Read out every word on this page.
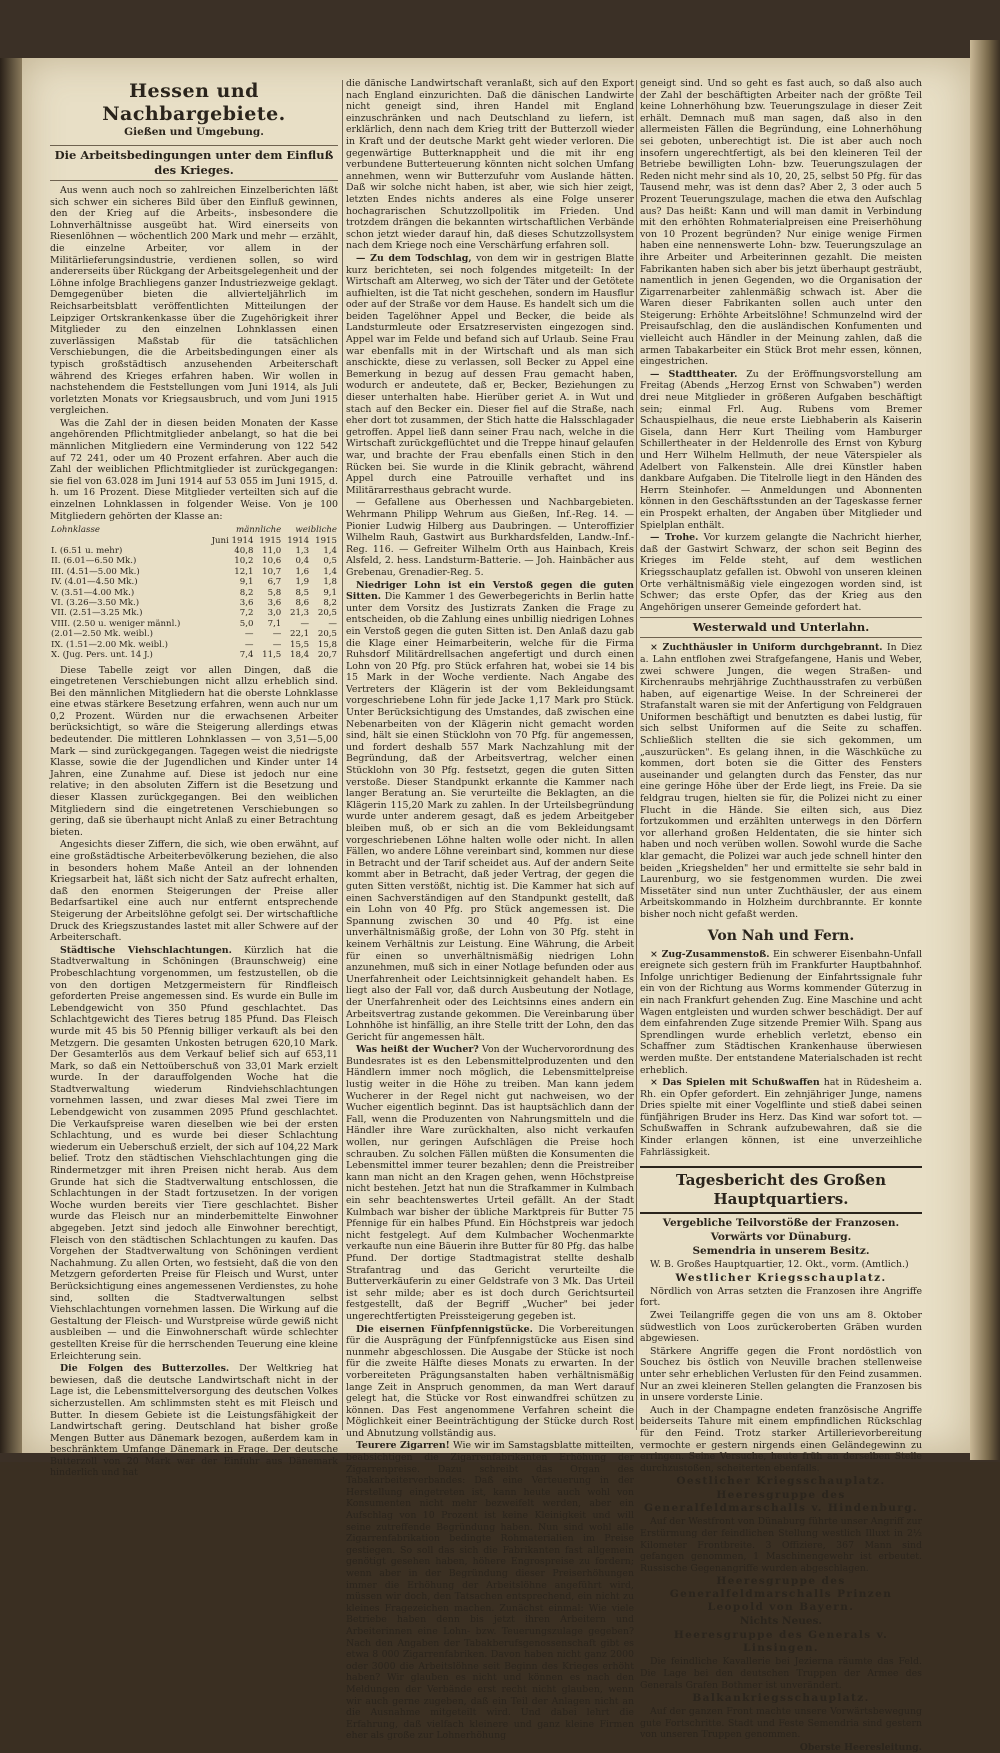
Hessen und Nachbargebiete.
Gießen und Umgebung.
Die Arbeitsbedingungen unter dem Einfluß des Krieges.

Aus wenn auch noch so zahlreichen Einzelberichten läßt sich schwer ein sicheres Bild über den Einfluß gewinnen, den der Krieg auf die Arbeits-, insbesondere die Lohnverhältnisse ausgeübt hat. Wird einerseits von Riesenlöhnen — wöchentlich 200 Mark und mehr — erzählt, die einzelne Arbeiter, vor allem in der Militärlieferungsindustrie, verdienen sollen, so wird andererseits über Rückgang der Arbeitsgelegenheit und der Löhne infolge Brachliegens ganzer Industriezweige geklagt. Demgegenüber bieten die allvierteljährlich im Reichsarbeitsblatt veröffentlichten Mitteilungen der Leipziger Ortskrankenkasse über die Zugehörigkeit ihrer Mitglieder zu den einzelnen Lohnklassen einen zuverlässigen Maßstab für die tatsächlichen Verschiebungen, die die Arbeitsbedingungen einer als typisch großstädtisch anzusehenden Arbeiterschaft während des Krieges erfahren haben. Wir wollen in nachstehendem die Feststellungen vom Juni 1914, als Juli vorletzten Monats vor Kriegsausbruch, und vom Juni 1915 vergleichen.

Was die Zahl der in diesen beiden Monaten der Kasse angehörenden Pflichtmitglieder anbelangt, so hat die bei männlichen Mitgliedern eine Verminderung von 122 542 auf 72 241, oder um 40 Prozent erfahren. Aber auch die Zahl der weiblichen Pflichtmitglieder ist zurückgegangen: sie fiel von 63.028 im Juni 1914 auf 53 055 im Juni 1915, d. h. um 16 Prozent. Diese Mitglieder verteilten sich auf die einzelnen Lohnklassen in folgender Weise. Von je 100 Mitgliedern gehörten der Klasse an:

Lohnklasse	männliche		weibliche	
	Juni 1914	1915	1914	1915
I. (6.51 u. mehr)	40,8	11,0	1,3	1,4
II. (6.01—6.50 Mk.)	10,2	10,6	0,4	0,5
III. (4.51—5.00 Mk.)	12,1	10,7	1,6	1,4
IV. (4.01—4.50 Mk.)	9,1	6,7	1,9	1,8
V. (3.51—4.00 Mk.)	8,2	5,8	8,5	9,1
VI. (3.26—3.50 Mk.)	3,6	3,6	8,6	8,2
VII. (2.51—3.25 Mk.)	7,2	3,0	21,3	20,5
VIII. (2.50 u. weniger männl.)	5,0	7,1	—	—
(2.01—2.50 Mk. weibl.)	—	—	22,1	20,5
IX. (1.51—2.00 Mk. weibl.)	—	—	15,5	15,8
X. (Jug. Pers. unt. 14 J.)	7,4	11,5	18,4	20,7

Diese Tabelle zeigt vor allen Dingen, daß die eingetretenen Verschiebungen nicht allzu erheblich sind. Bei den männlichen Mitgliedern hat die oberste Lohnklasse eine etwas stärkere Besetzung erfahren, wenn auch nur um 0,2 Prozent. Würden nur die erwachsenen Arbeiter berücksichtigt, so wäre die Steigerung allerdings etwas bedeutender. Die mittleren Lohnklassen — von 3,51—5,00 Mark — sind zurückgegangen. Tagegen weist die niedrigste Klasse, sowie die der Jugendlichen und Kinder unter 14 Jahren, eine Zunahme auf. Diese ist jedoch nur eine relative; in den absoluten Ziffern ist die Besetzung und dieser Klassen zurückgegangen. Bei den weiblichen Mitgliedern sind die eingetretenen Verschiebungen so gering, daß sie überhaupt nicht Anlaß zu einer Betrachtung bieten.

Angesichts dieser Ziffern, die sich, wie oben erwähnt, auf eine großstädtische Arbeiterbevölkerung beziehen, die also in besonders hohem Maße Anteil an der lohnenden Kriegsarbeit hat, läßt sich nicht der Satz aufrecht erhalten, daß den enormen Steigerungen der Preise aller Bedarfsartikel eine auch nur entfernt entsprechende Steigerung der Arbeitslöhne gefolgt sei. Der wirtschaftliche Druck des Kriegszustandes lastet mit aller Schwere auf der Arbeiterschaft.

Städtische Viehschlachtungen. Kürzlich hat die Stadtverwaltung in Schöningen (Braunschweig) eine Probeschlachtung vorgenommen, um festzustellen, ob die von den dortigen Metzgermeistern für Rindfleisch geforderten Preise angemessen sind. Es wurde ein Bulle im Lebendgewicht von 350 Pfund geschlachtet. Das Schlachtgewicht des Tieres betrug 185 Pfund. Das Fleisch wurde mit 45 bis 50 Pfennig billiger verkauft als bei den Metzgern. Die gesamten Unkosten betrugen 620,10 Mark. Der Gesamterlös aus dem Verkauf belief sich auf 653,11 Mark, so daß ein Nettoüberschuß von 33,01 Mark erzielt wurde. In der darauffolgenden Woche hat die Stadtverwaltung wiederum Rindviehschlachtungen vornehmen lassen, und zwar dieses Mal zwei Tiere im Lebendgewicht von zusammen 2095 Pfund geschlachtet. Die Verkaufspreise waren dieselben wie bei der ersten Schlachtung, und es wurde bei dieser Schlachtung wiederum ein Ueberschuß erzielt, der sich auf 104,22 Mark belief. Trotz den städtischen Viehschlachtungen ging die Rindermetzger mit ihren Preisen nicht herab. Aus dem Grunde hat sich die Stadtverwaltung entschlossen, die Schlachtungen in der Stadt fortzusetzen. In der vorigen Woche wurden bereits vier Tiere geschlachtet. Bisher wurde das Fleisch nur an minderbemittelte Einwohner abgegeben. Jetzt sind jedoch alle Einwohner berechtigt, Fleisch von den städtischen Schlachtungen zu kaufen. Das Vorgehen der Stadtverwaltung von Schöningen verdient Nachahmung. Zu allen Orten, wo festsieht, daß die von den Metzgern geforderten Preise für Fleisch und Wurst, unter Berücksichtigung eines angemessenen Verdienstes, zu hohe sind, sollten die Stadtverwaltungen selbst Viehschlachtungen vornehmen lassen. Die Wirkung auf die Gestaltung der Fleisch- und Wurstpreise würde gewiß nicht ausbleiben — und die Einwohnerschaft würde schlechter gestellten Kreise für die herrschenden Teuerung eine kleine Erleichterung sein.

Die Folgen des Butterzolles. Der Weltkrieg hat bewiesen, daß die deutsche Landwirtschaft nicht in der Lage ist, die Lebensmittelversorgung des deutschen Volkes sicherzustellen. Am schlimmsten steht es mit Fleisch und Butter. In diesem Gebiete ist die Leistungsfähigkeit der Landwirtschaft gering. Deutschland hat bisher große Mengen Butter aus Dänemark bezogen, außerdem kam in beschränktem Umfange Dänemark in Frage. Der deutsche Butterzoll von 20 Mark war der Einfuhr aus Dänemark hinderlich und hat

die dänische Landwirtschaft veranlaßt, sich auf den Export nach England einzurichten. Daß die dänischen Landwirte nicht geneigt sind, ihren Handel mit England einzuschränken und nach Deutschland zu liefern, ist erklärlich, denn nach dem Krieg tritt der Butterzoll wieder in Kraft und der deutsche Markt geht wieder verloren. Die gegenwärtige Butterknappheit und die mit ihr eng verbundene Butterteuerung könnten nicht solchen Umfang annehmen, wenn wir Butterzufuhr vom Auslande hätten. Daß wir solche nicht haben, ist aber, wie sich hier zeigt, letzten Endes nichts anderes als eine Folge unserer hochagrarischen Schutzzollpolitik im Frieden. Und trotzdem drängen die bekannten wirtschaftlichen Verbände schon jetzt wieder darauf hin, daß dieses Schutzzollsystem nach dem Kriege noch eine Verschärfung erfahren soll.

— Zu dem Todschlag, von dem wir in gestrigen Blatte kurz berichteten, sei noch folgendes mitgeteilt: In der Wirtschaft am Alterweg, wo sich der Täter und der Getötete aufhielten, ist die Tat nicht geschehen, sondern im Hausflur oder auf der Straße vor dem Hause. Es handelt sich um die beiden Tagelöhner Appel und Becker, die beide als Landsturmleute oder Ersatzreservisten eingezogen sind. Appel war im Felde und befand sich auf Urlaub. Seine Frau war ebenfalls mit in der Wirtschaft und als man sich anschickte, diese zu verlassen, soll Becker zu Appel eine Bemerkung in bezug auf dessen Frau gemacht haben, wodurch er andeutete, daß er, Becker, Beziehungen zu dieser unterhalten habe. Hierüber geriet A. in Wut und stach auf den Becker ein. Dieser fiel auf die Straße, nach eher dort tot zusammen, der Stich hatte die Halsschlagader getroffen. Appel ließ dann seiner Frau nach, welche in die Wirtschaft zurückgeflüchtet und die Treppe hinauf gelaufen war, und brachte der Frau ebenfalls einen Stich in den Rücken bei. Sie wurde in die Klinik gebracht, während Appel durch eine Patrouille verhaftet und ins Militärarresthaus gebracht wurde.

— Gefallene aus Oberhessen und Nachbargebieten. Wehrmann Philipp Wehrum aus Gießen, Inf.-Reg. 14. — Pionier Ludwig Hilberg aus Daubringen. — Unteroffizier Wilhelm Rauh, Gastwirt aus Burkhardsfelden, Landw.-Inf.-Reg. 116. — Gefreiter Wilhelm Orth aus Hainbach, Kreis Alsfeld, 2. hess. Landsturm-Batterie. — Joh. Hainbächer aus Grebenau, Grenadier-Reg. 5.

Niedriger Lohn ist ein Verstoß gegen die guten Sitten. Die Kammer 1 des Gewerbegerichts in Berlin hatte unter dem Vorsitz des Justizrats Zanken die Frage zu entscheiden, ob die Zahlung eines unbillig niedrigen Lohnes ein Verstoß gegen die guten Sitten ist. Den Anlaß dazu gab die Klage einer Heimarbeiterin, welche für die Firma Ruhsdorf Militärdrellsachen angefertigt und durch einen Lohn von 20 Pfg. pro Stück erfahren hat, wobei sie 14 bis 15 Mark in der Woche verdiente. Nach Angabe des Vertreters der Klägerin ist der vom Bekleidungsamt vorgeschriebene Lohn für jede Jacke 1,17 Mark pro Stück. Unter Berücksichtigung des Umstandes, daß zwischen eine Nebenarbeiten von der Klägerin nicht gemacht worden sind, hält sie einen Stücklohn von 70 Pfg. für angemessen, und fordert deshalb 557 Mark Nachzahlung mit der Begründung, daß der Arbeitsvertrag, welcher einen Stücklohn von 30 Pfg. festsetzt, gegen die guten Sitten verstoße. Dieser Standpunkt erkannte die Kammer nach langer Beratung an. Sie verurteilte die Beklagten, an die Klägerin 115,20 Mark zu zahlen. In der Urteilsbegründung wurde unter anderem gesagt, daß es jedem Arbeitgeber bleiben muß, ob er sich an die vom Bekleidungsamt vorgeschriebenen Löhne halten wolle oder nicht. In allen Fällen, wo andere Löhne vereinbart sind, kommen nur diese in Betracht und der Tarif scheidet aus. Auf der andern Seite kommt aber in Betracht, daß jeder Vertrag, der gegen die guten Sitten verstößt, nichtig ist. Die Kammer hat sich auf einen Sachverständigen auf den Standpunkt gestellt, daß ein Lohn von 40 Pfg. pro Stück angemessen ist. Die Spannung zwischen 30 und 40 Pfg. ist eine unverhältnismäßig große, der Lohn von 30 Pfg. steht in keinem Verhältnis zur Leistung. Eine Währung, die Arbeit für einen so unverhältnismäßig niedrigen Lohn anzunehmen, muß sich in einer Notlage befunden oder aus Unerfahrenheit oder Leichtsinnigkeit gehandelt haben. Es liegt also der Fall vor, daß durch Ausbeutung der Notlage, der Unerfahrenheit oder des Leichtsinns eines andern ein Arbeitsvertrag zustande gekommen. Die Vereinbarung über Lohnhöhe ist hinfällig, an ihre Stelle tritt der Lohn, den das Gericht für angemessen hält.

Was heißt der Wucher? Von der Wuchervorordnung des Bundesrates ist es den Lebensmittelproduzenten und den Händlern immer noch möglich, die Lebensmittelpreise lustig weiter in die Höhe zu treiben. Man kann jedem Wucherer in der Regel nicht gut nachweisen, wo der Wucher eigentlich beginnt. Das ist hauptsächlich dann der Fall, wenn die Produzenten von Nahrungsmitteln und die Händler ihre Ware zurückhalten, also nicht verkaufen wollen, nur geringen Aufschlägen die Preise hoch schrauben. Zu solchen Fällen müßten die Konsumenten die Lebensmittel immer teurer bezahlen; denn die Preistreiber kann man nicht an den Kragen gehen, wenn Höchstpreise nicht bestehen. Jetzt hat nun die Strafkammer in Kulmbach ein sehr beachtenswertes Urteil gefällt. An der Stadt Kulmbach war bisher der übliche Marktpreis für Butter 75 Pfennige für ein halbes Pfund. Ein Höchstpreis war jedoch nicht festgelegt. Auf dem Kulmbacher Wochenmarkte verkaufte nun eine Bäuerin ihre Butter für 80 Pfg. das halbe Pfund. Der dortige Stadtmagistrat stellte deshalb Strafantrag und das Gericht verurteilte die Butterverkäuferin zu einer Geldstrafe von 3 Mk. Das Urteil ist sehr milde; aber es ist doch durch Gerichtsurteil festgestellt, daß der Begriff „Wucher" bei jeder ungerechtfertigten Preissteigerung gegeben ist.

Die eisernen Fünfpfennigstücke. Die Vorbereitungen für die Ausprägung der Fünfpfennigstücke aus Eisen sind nunmehr abgeschlossen. Die Ausgabe der Stücke ist noch für die zweite Hälfte dieses Monats zu erwarten. In der vorbereiteten Prägungsanstalten haben verhältnismäßig lange Zeit in Anspruch genommen, da man Wert darauf gelegt hat, die Stücke vor Rost einwandfrei schützen zu können. Das Fest angenommene Verfahren scheint die Möglichkeit einer Beeinträchtigung der Stücke durch Rost und Abnutzung vollständig aus.

Teurere Zigarren! Wie wir im Samstagsblatte mitteilten, beabsichtigen die Zigarrenfabrikanten Erhöhung der Zigarrenpreise. Dazu schreibt das Organ des Tabakarbeiterverbandes: Daß eine Verteuerung in der Herstellung eingetreten ist, kann heute auch wohl von Konsumenten nicht mehr bezweifelt werden, aber ein Aufschlag von 10 Prozent ist keine Kleinigkeit und will seine zutreffende Begründung haben. Nun sind wohl alle Zigarrenfabrikation bedingte Rohmaterialien im Preise gestiegen. So soll das sich die Fabrikanten fast allgemein genötigt gesehen haben, höhere Engrospreise zu fordern; wenn aber in der Begründung dieser Preiserhöhungen immer die Erhöhung der Arbeitslöhne angeführt wird, müssen wir doch, den Tatsachen entsprechend, ein nicht zu kleines Fragezeichen machen. Zunächst einmal: Wie viele Betriebe haben denn bis jetzt ihren Arbeitern und Arbeiterinnen eine Lohn- bzw. Teuerungszulage gegeben? Nach den Angaben der Tabakberufsgenossenschaft gibt es etwa 8 000 Zigarrenfabriken. Davon haben nicht ganz 2000 oder 3000 die Arbeitslöhne seit Beginn des Krieges erhöht haben? Wir glauben es nicht und können es nach den Meldungen der Verbände erst recht nicht glauben, wenn wir auch gerne zugeben, daß ein Teil der Anlagen nicht an die Ausnahme mitgeteilt wird. Und dabei lehrt die Erfahrung, daß vielfach kleinere und ganz kleine Firmen eher als große zur Lohnerhöhung

geneigt sind. Und so geht es fast auch, so daß also auch der Zahl der beschäftigten Arbeiter nach der größte Teil keine Lohnerhöhung bzw. Teuerungszulage in dieser Zeit erhält. Demnach muß man sagen, daß also in den allermeisten Fällen die Begründung, eine Lohnerhöhung sei geboten, unberechtigt ist. Die ist aber auch noch insofern ungerechtfertigt, als bei den kleineren Teil der Betriebe bewilligten Lohn- bzw. Teuerungszulagen der Reden nicht mehr sind als 10, 20, 25, selbst 50 Pfg. für das Tausend mehr, was ist denn das? Aber 2, 3 oder auch 5 Prozent Teuerungszulage, machen die etwa den Aufschlag aus? Das heißt: Kann und will man damit in Verbindung mit den erhöhten Rohmaterialpreisen eine Preiserhöhung von 10 Prozent begründen? Nur einige wenige Firmen haben eine nennenswerte Lohn- bzw. Teuerungszulage an ihre Arbeiter und Arbeiterinnen gezahlt. Die meisten Fabrikanten haben sich aber bis jetzt überhaupt gesträubt, namentlich in jenen Gegenden, wo die Organisation der Zigarrenarbeiter zahlenmäßig schwach ist. Aber die Waren dieser Fabrikanten sollen auch unter den Steigerung: Erhöhte Arbeitslöhne! Schmunzelnd wird der Preisaufschlag, den die ausländischen Konfumenten und vielleicht auch Händler in der Meinung zahlen, daß die armen Tabakarbeiter ein Stück Brot mehr essen, können, eingestrichen.

— Stadttheater. Zu der Eröffnungsvorstellung am Freitag (Abends „Herzog Ernst von Schwaben") werden drei neue Mitglieder in größeren Aufgaben beschäftigt sein; einmal Frl. Aug. Rubens vom Bremer Schauspielhaus, die neue erste Liebhaberin als Kaiserin Gisela, dann Herr Kurt Theiling vom Hamburger Schillertheater in der Heldenrolle des Ernst von Kyburg und Herr Wilhelm Hellmuth, der neue Väterspieler als Adelbert von Falkenstein. Alle drei Künstler haben dankbare Aufgaben. Die Titelrolle liegt in den Händen des Herrn Steinhofer. — Anmeldungen und Abonnenten können in den Geschäftsstunden an der Tageskasse ferner ein Prospekt erhalten, der Angaben über Mitglieder und Spielplan enthält.

— Trohe. Vor kurzem gelangte die Nachricht hierher, daß der Gastwirt Schwarz, der schon seit Beginn des Krieges im Felde steht, auf dem westlichen Kriegsschauplatz gefallen ist. Obwohl von unseren kleinen Orte verhältnismäßig viele eingezogen worden sind, ist Schwer; das erste Opfer, das der Krieg aus den Angehörigen unserer Gemeinde gefordert hat.

Westerwald und Unterlahn.

× Zuchthäusler in Uniform durchgebrannt. In Diez a. Lahn entflohen zwei Strafgefangene, Hanis und Weber, zwei schwere Jungen, die wegen Straßen- und Kirchenraubs mehrjährige Zuchthausstrafen zu verbüßen haben, auf eigenartige Weise. In der Schreinerei der Strafanstalt waren sie mit der Anfertigung von Feldgrauen Uniformen beschäftigt und benutzten es dabei lustig, für sich selbst Uniformen auf die Seite zu schaffen. Schließlich stellten die sie sich gekommen, um „auszurücken". Es gelang ihnen, in die Wäschküche zu kommen, dort boten sie die Gitter des Fensters auseinander und gelangten durch das Fenster, das nur eine geringe Höhe über der Erde liegt, ins Freie. Da sie feldgrau trugen, hielten sie für, die Polizei nicht zu einer Flucht in die Hände. Sie eilten sich, aus Diez fortzukommen und erzählten unterwegs in den Dörfern vor allerhand großen Heldentaten, die sie hinter sich haben und noch verüben wollen. Sowohl wurde die Sache klar gemacht, die Polizei war auch jede schnell hinter den beiden „Kriegshelden" her und ermittelte sie sehr bald in Laurenburg, wo sie festgenommen wurden. Die zwei Missetäter sind nun unter Zuchthäusler, der aus einem Arbeitskommando in Holzheim durchbrannte. Er konnte bisher noch nicht gefaßt werden.

Von Nah und Fern.

× Zug-Zusammenstoß. Ein schwerer Eisenbahn-Unfall ereignete sich gestern früh im Frankfurter Hauptbahnhof. Infolge unrichtiger Bedienung der Einfahrtssignale fuhr ein von der Richtung aus Worms kommender Güterzug in ein nach Frankfurt gehenden Zug. Eine Maschine und acht Wagen entgleisten und wurden schwer beschädigt. Der auf dem einfahrenden Zuge sitzende Premier Wilh. Spang aus Sprendlingen wurde erheblich verletzt, ebenso ein Schaffner zum Städtischen Krankenhause überwiesen werden mußte. Der entstandene Materialschaden ist recht erheblich.

× Das Spielen mit Schußwaffen hat in Rüdesheim a. Rh. ein Opfer gefordert. Ein zehnjähriger Junge, namens Dries spielte mit einer Vogelflinte und stieß dabei seinen fünfjährigen Bruder ins Herz. Das Kind war sofort tot. — Schußwaffen in Schrank aufzubewahren, daß sie die Kinder erlangen können, ist eine unverzeihliche Fahrlässigkeit.

Tagesbericht des Großen Hauptquartiers.
Vergebliche Teilvorstöße der Franzosen.
Vorwärts vor Dünaburg.
Semendria in unserem Besitz.

W. B. Großes Hauptquartier, 12. Okt., vorm. (Amtlich.)

Westlicher Kriegsschauplatz.

Nördlich von Arras setzten die Franzosen ihre Angriffe fort.

Zwei Teilangriffe gegen die von uns am 8. Oktober südwestlich von Loos zurückeroberten Gräben wurden abgewiesen.

Stärkere Angriffe gegen die Front nordöstlich von Souchez bis östlich von Neuville brachen stellenweise unter sehr erheblichen Verlusten für den Feind zusammen. Nur an zwei kleineren Stellen gelangten die Franzosen bis in unsere vorderste Linie.

Auch in der Champagne endeten französische Angriffe beiderseits Tahure mit einem empfindlichen Rückschlag für den Feind. Trotz starker Artillerievorbereitung vermochte er gestern nirgends einen Geländegewinn zu erringen. Seine Versuche, heute früh an derselben Stelle durchzustoßen, scheiterten ebenfalls.

Oestlicher Kriegsschauplatz.
Heeresgruppe des Generalfeldmarschalls v. Hindenburg.

Auf der Westfront von Dünaburg führte unser Angriff zur Erstürmung der feindlichen Stellung westlich Illuxt in 2½ Kilometer Frontbreite. 3 Offiziere, 367 Mann sind gefangen genommen, 1 Maschinengewehr ist erbeutet. Russische Gegenangriffe wurden abgeschlagen.

Heeresgruppe des Generalfeldmarschalls Prinzen Leopold von Bayern.
Nichts Neues.
Heeresgruppe des Generals v. Linsingen.

Die feindliche Kavallerie bei Jezierna räumte das Feld. Die Lage bei den deutschen Truppen der Armee des Generals Grafen Bothmer ist unverändert.

Balkankriegsschauplatz.

Auf der ganzen Front machte unsere Vorwärtsbewegung gute Fortschritte. Stadt und Feste Semendria sind gestern von unseren Truppen genommen.

Oberste Heeresleitung.
